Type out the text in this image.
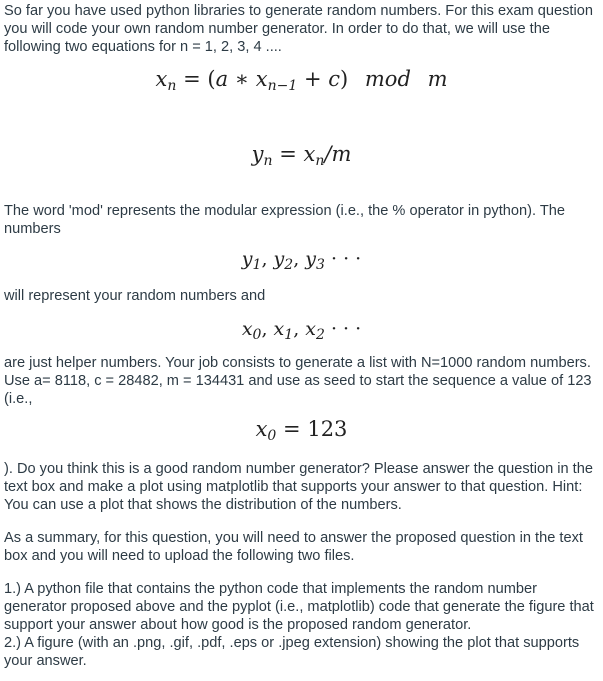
So far you have used python libraries to generate random numbers. For this exam question you will code your own random number generator. In order to do that, we will use the following two equations for n = 1, 2, 3, 4 ....

$x_n = (a$ ∗ $x_{n-1} + c$) mod m
$y_n = x_n/m$

The word 'mod' represents the modular expression (i.e., the % operator in python). The numbers

$y_1$, $y_2$, $y_3$ · · ·

will represent your random numbers and

$x_0$, $x_1$, $x_2$ · · ·

are just helper numbers. Your job consists to generate a list with N=1000 random numbers. Use a= 8118, c = 28482, m = 134431 and use as seed to start the sequence a value of 123 (i.e.,

$x_0 = 123$

). Do you think this is a good random number generator? Please answer the question in the text box and make a plot using matplotlib that supports your answer to that question. Hint: You can use a plot that shows the distribution of the numbers.

As a summary, for this question, you will need to answer the proposed question in the text box and you will need to upload the following two files.

1.) A python file that contains the python code that implements the random number generator proposed above and the pyplot (i.e., matplotlib) code that generate the figure that support your answer about how good is the proposed random generator.
2.) A figure (with an .png, .gif, .pdf, .eps or .jpeg extension) showing the plot that supports your answer.
